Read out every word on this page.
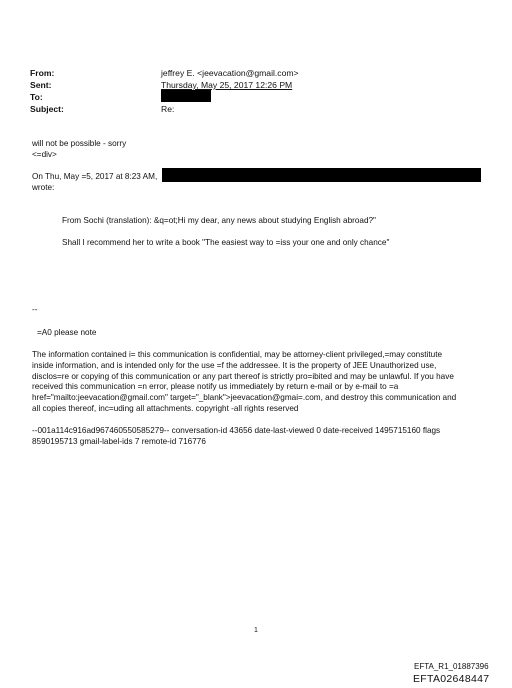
From:	jeffrey E. <jeevacation@gmail.com>
Sent:	Thursday, May 25, 2017 12:26 PM
To:
Subject:	Re:
will not be possible - sorry
<=div>
On Thu, May =5, 2017 at 8:23 AM,
wrote:
From Sochi (translation): &q=ot;Hi my dear, any news about studying English abroad?"
Shall I recommend her to write a book "The easiest way to =iss your one and only chance"
--
=A0 please note
The information contained i= this communication is confidential, may be attorney-client privileged,=may constitute
inside information, and is intended only for the use =f the addressee. It is the property of JEE Unauthorized use,
disclos=re or copying of this communication or any part thereof is strictly pro=ibited and may be unlawful. If you have
received this communication =n error, please notify us immediately by return e-mail or by e-mail to =a
href="mailto:jeevacation@gmail.com" target="_blank">jeevacation@gmai=.com, and destroy this communication and
all copies thereof, inc=uding all attachments. copyright -all rights reserved
--001a114c916ad967460550585279-- conversation-id 43656 date-last-viewed 0 date-received 1495715160 flags
8590195713 gmail-label-ids 7 remote-id 716776
1
EFTA_R1_01887396
EFTA02648447
